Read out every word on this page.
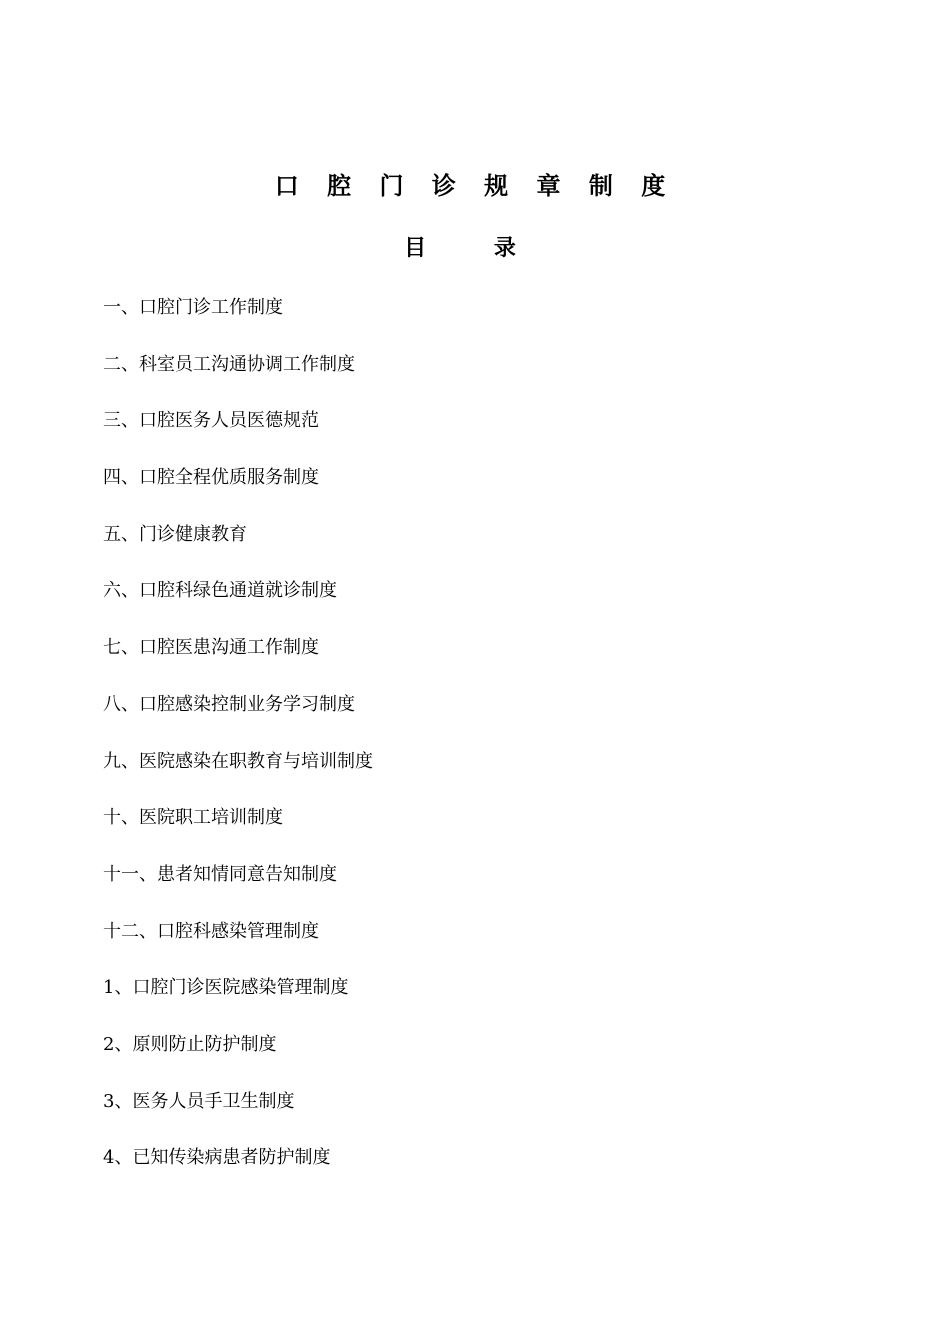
口 腔 门 诊 规 章 制 度
目 录
一、口腔门诊工作制度
二、科室员工沟通协调工作制度
三、口腔医务人员医德规范
四、口腔全程优质服务制度
五、门诊健康教育
六、口腔科绿色通道就诊制度
七、口腔医患沟通工作制度
八、口腔感染控制业务学习制度
九、医院感染在职教育与培训制度
十、医院职工培训制度
十一、患者知情同意告知制度
十二、口腔科感染管理制度
1、口腔门诊医院感染管理制度
2、原则防止防护制度
3、医务人员手卫生制度
4、已知传染病患者防护制度
